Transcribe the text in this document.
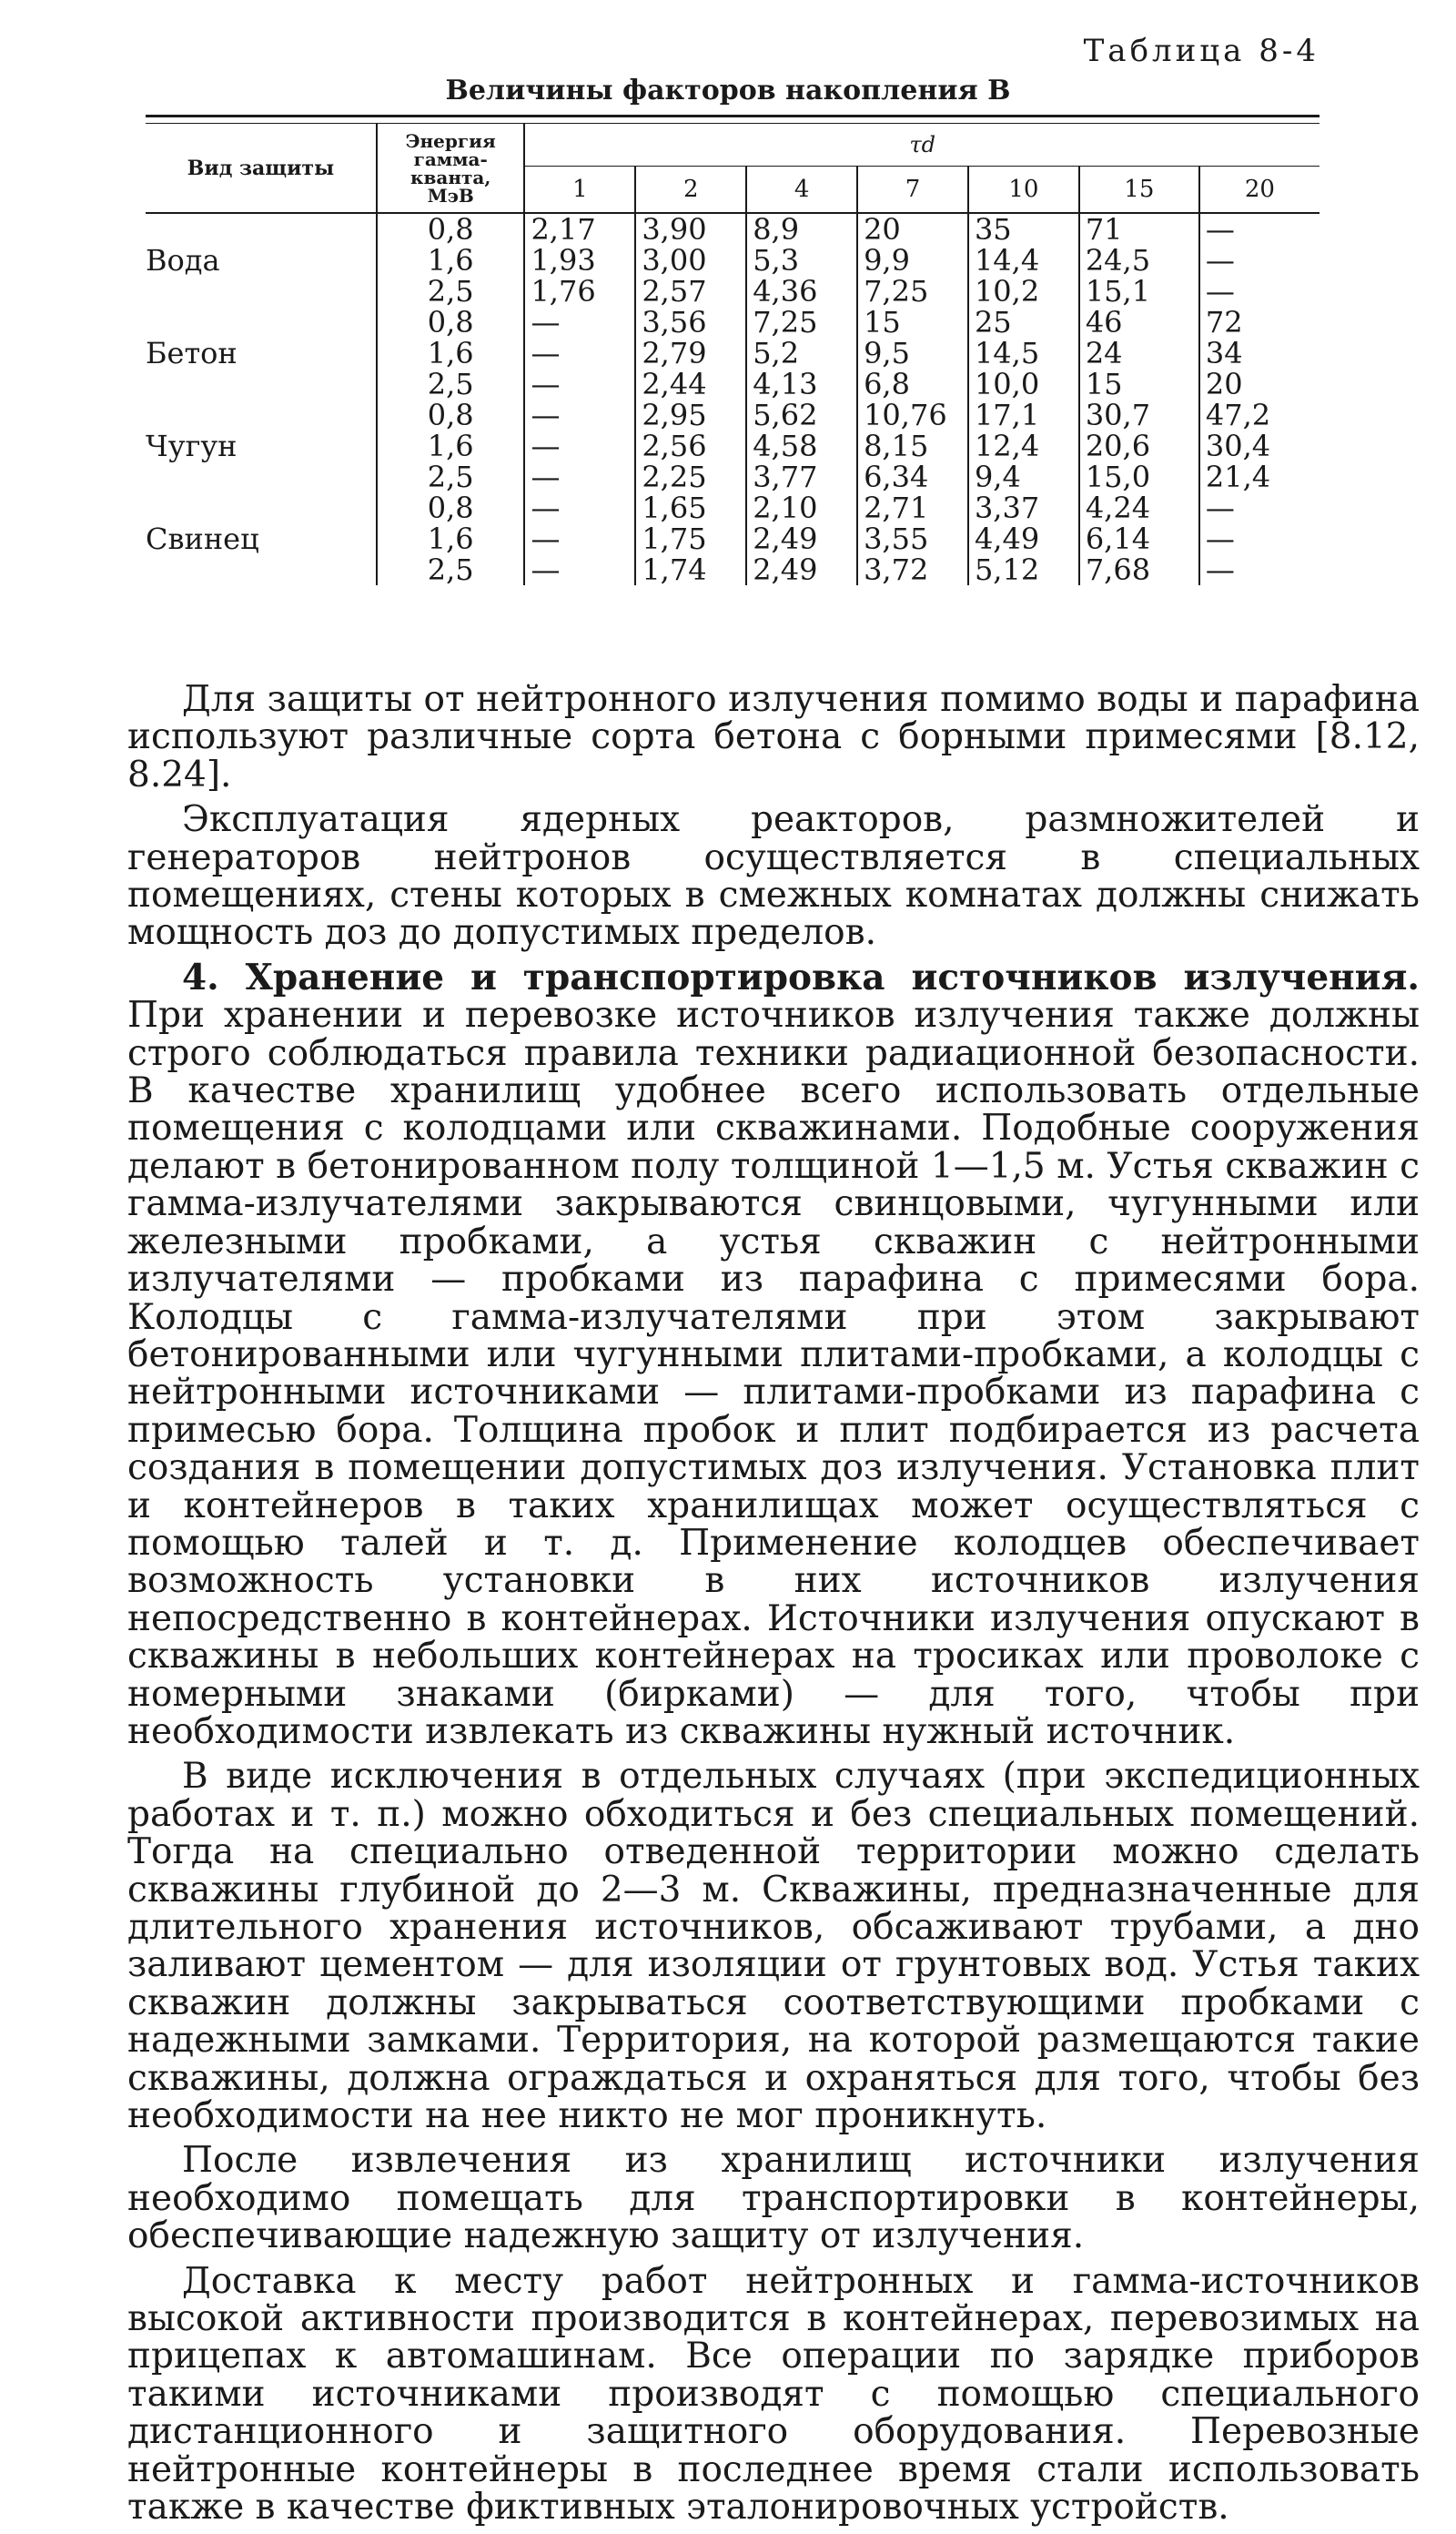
Таблица 8-4
Величины факторов накопления B
Вид защиты	Энергия
гамма-
кванта,
МэВ	τd						
		1	2	4	7	10	15	20
	0,8	2,17	3,90	8,9	20	35	71	—
Вода	1,6	1,93	3,00	5,3	9,9	14,4	24,5	—
	2,5	1,76	2,57	4,36	7,25	10,2	15,1	—
	0,8	—	3,56	7,25	15	25	46	72
Бетон	1,6	—	2,79	5,2	9,5	14,5	24	34
	2,5	—	2,44	4,13	6,8	10,0	15	20
	0,8	—	2,95	5,62	10,76	17,1	30,7	47,2
Чугун	1,6	—	2,56	4,58	8,15	12,4	20,6	30,4
	2,5	—	2,25	3,77	6,34	9,4	15,0	21,4
	0,8	—	1,65	2,10	2,71	3,37	4,24	—
Свинец	1,6	—	1,75	2,49	3,55	4,49	6,14	—
	2,5	—	1,74	2,49	3,72	5,12	7,68	—

Для защиты от нейтронного излучения помимо воды и парафина используют различные сорта бетона с борными примесями [8.12, 8.24].

Эксплуатация ядерных реакторов, размножителей и генераторов нейтронов осуществляется в специальных помещениях, стены которых в смежных комнатах должны снижать мощность доз до допустимых пределов.

4. Хранение и транспортировка источников излучения. При хранении и перевозке источников излучения также должны строго соблюдаться правила техники радиационной безопасности. В качестве хранилищ удобнее всего использовать отдельные помещения с колодцами или скважинами. Подобные сооружения делают в бетонированном полу толщиной 1—1,5 м. Устья скважин с гамма-излучателями закрываются свинцовыми, чугунными или железными пробками, а устья скважин с нейтронными излучателями — пробками из парафина с примесями бора. Колодцы с гамма-излучателями при этом закрывают бетонированными или чугунными плитами-пробками, а колодцы с нейтронными источниками — плитами-пробками из парафина с примесью бора. Толщина пробок и плит подбирается из расчета создания в помещении допустимых доз излучения. Установка плит и контейнеров в таких хранилищах может осуществляться с помощью талей и т. д. Применение колодцев обеспечивает возможность установки в них источников излучения непосредственно в контейнерах. Источники излучения опускают в скважины в небольших контейнерах на тросиках или проволоке с номерными знаками (бирками) — для того, чтобы при необходимости извлекать из скважины нужный источник.

В виде исключения в отдельных случаях (при экспедиционных работах и т. п.) можно обходиться и без специальных помещений. Тогда на специально отведенной территории можно сделать скважины глубиной до 2—3 м. Скважины, предназначенные для длительного хранения источников, обсаживают трубами, а дно заливают цементом — для изоляции от грунтовых вод. Устья таких скважин должны закрываться соответствующими пробками с надежными замками. Территория, на которой размещаются такие скважины, должна ограждаться и охраняться для того, чтобы без необходимости на нее никто не мог проникнуть.

После извлечения из хранилищ источники излучения необходимо помещать для транспортировки в контейнеры, обеспечивающие надежную защиту от излучения.

Доставка к месту работ нейтронных и гамма-источников высокой активности производится в контейнерах, перевозимых на прицепах к автомашинам. Все операции по зарядке приборов такими источниками производят с помощью специального дистанционного и защитного оборудования. Перевозные нейтронные контейнеры в последнее время стали использовать также в качестве фиктивных эталонировочных устройств.
